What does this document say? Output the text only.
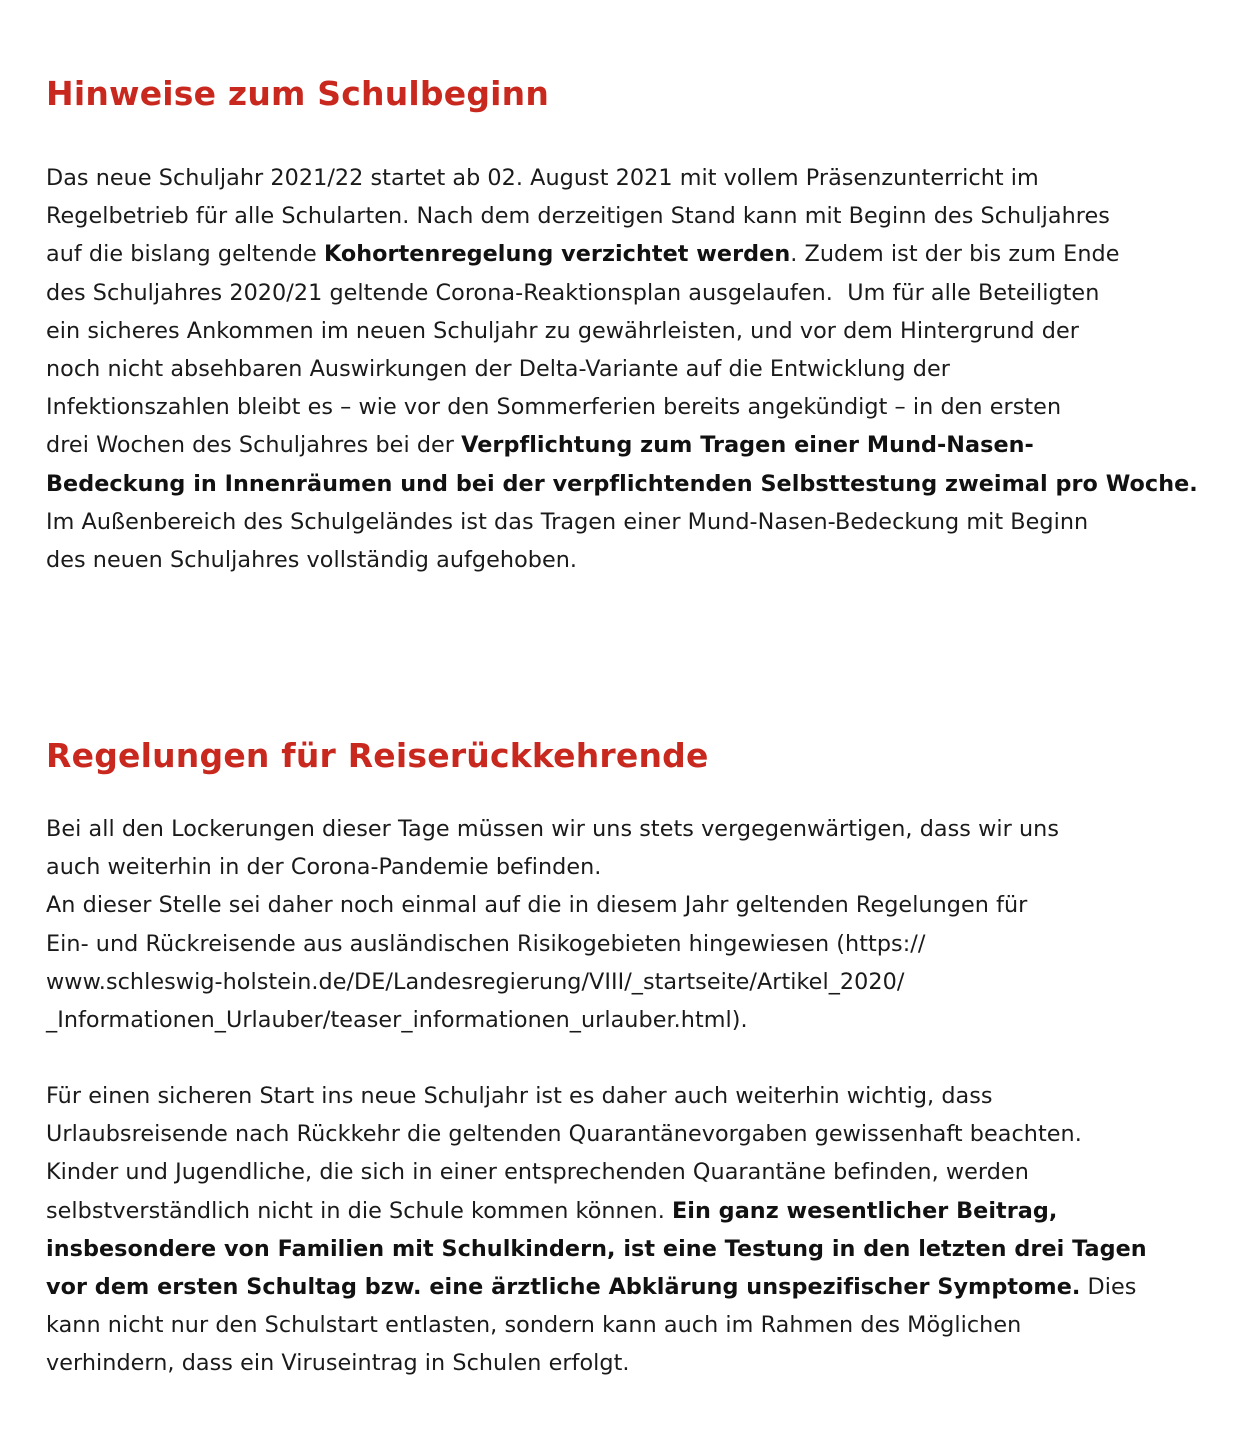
Hinweise zum Schulbeginn
Das neue Schuljahr 2021/22 startet ab 02. August 2021 mit vollem Präsenzunterricht im
Regelbetrieb für alle Schularten. Nach dem derzeitigen Stand kann mit Beginn des Schuljahres
auf die bislang geltende Kohortenregelung verzichtet werden. Zudem ist der bis zum Ende
des Schuljahres 2020/21 geltende Corona-Reaktionsplan ausgelaufen.  Um für alle Beteiligten
ein sicheres Ankommen im neuen Schuljahr zu gewährleisten, und vor dem Hintergrund der
noch nicht absehbaren Auswirkungen der Delta-Variante auf die Entwicklung der
Infektionszahlen bleibt es – wie vor den Sommerferien bereits angekündigt – in den ersten
drei Wochen des Schuljahres bei der Verpflichtung zum Tragen einer Mund-Nasen-
Bedeckung in Innenräumen und bei der verpflichtenden Selbsttestung zweimal pro Woche.
Im Außenbereich des Schulgeländes ist das Tragen einer Mund-Nasen-Bedeckung mit Beginn
des neuen Schuljahres vollständig aufgehoben.
Regelungen für Reiserückkehrende
Bei all den Lockerungen dieser Tage müssen wir uns stets vergegenwärtigen, dass wir uns
auch weiterhin in der Corona-Pandemie befinden.
An dieser Stelle sei daher noch einmal auf die in diesem Jahr geltenden Regelungen für
Ein- und Rückreisende aus ausländischen Risikogebieten hingewiesen (https://
www.schleswig-holstein.de/DE/Landesregierung/VIII/_startseite/Artikel_2020/
_Informationen_Urlauber/teaser_informationen_urlauber.html).
Für einen sicheren Start ins neue Schuljahr ist es daher auch weiterhin wichtig, dass
Urlaubsreisende nach Rückkehr die geltenden Quarantänevorgaben gewissenhaft beachten.
Kinder und Jugendliche, die sich in einer entsprechenden Quarantäne befinden, werden
selbstverständlich nicht in die Schule kommen können. Ein ganz wesentlicher Beitrag,
insbesondere von Familien mit Schulkindern, ist eine Testung in den letzten drei Tagen
vor dem ersten Schultag bzw. eine ärztliche Abklärung unspezifischer Symptome. Dies
kann nicht nur den Schulstart entlasten, sondern kann auch im Rahmen des Möglichen
verhindern, dass ein Viruseintrag in Schulen erfolgt.
